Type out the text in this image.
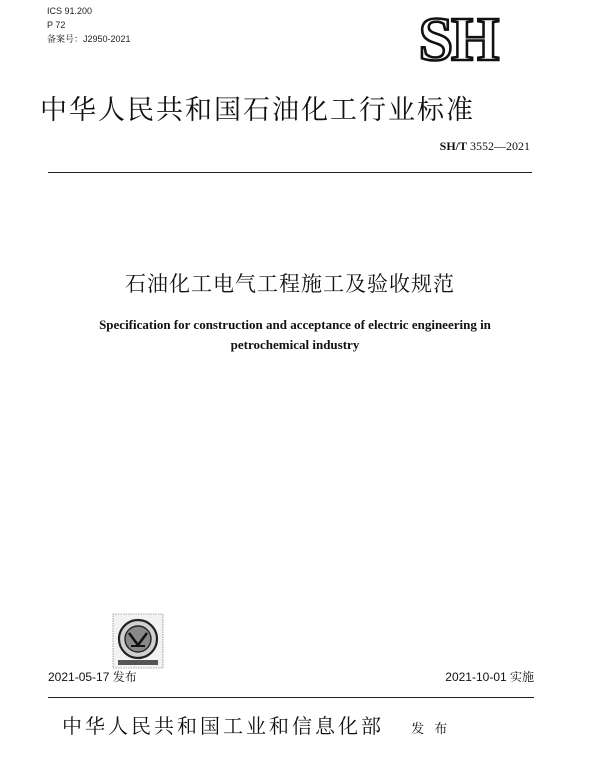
ICS 91.200
P 72
备案号：J2950-2021	SH
中华人民共和国石油化工行业标准
SH/T 3552—2021
石油化工电气工程施工及验收规范
Specification for construction and acceptance of electric engineering in
petrochemical industry
2021-05-17 发布	2021-10-01 实施
中华人民共和国工业和信息化部 发 布
